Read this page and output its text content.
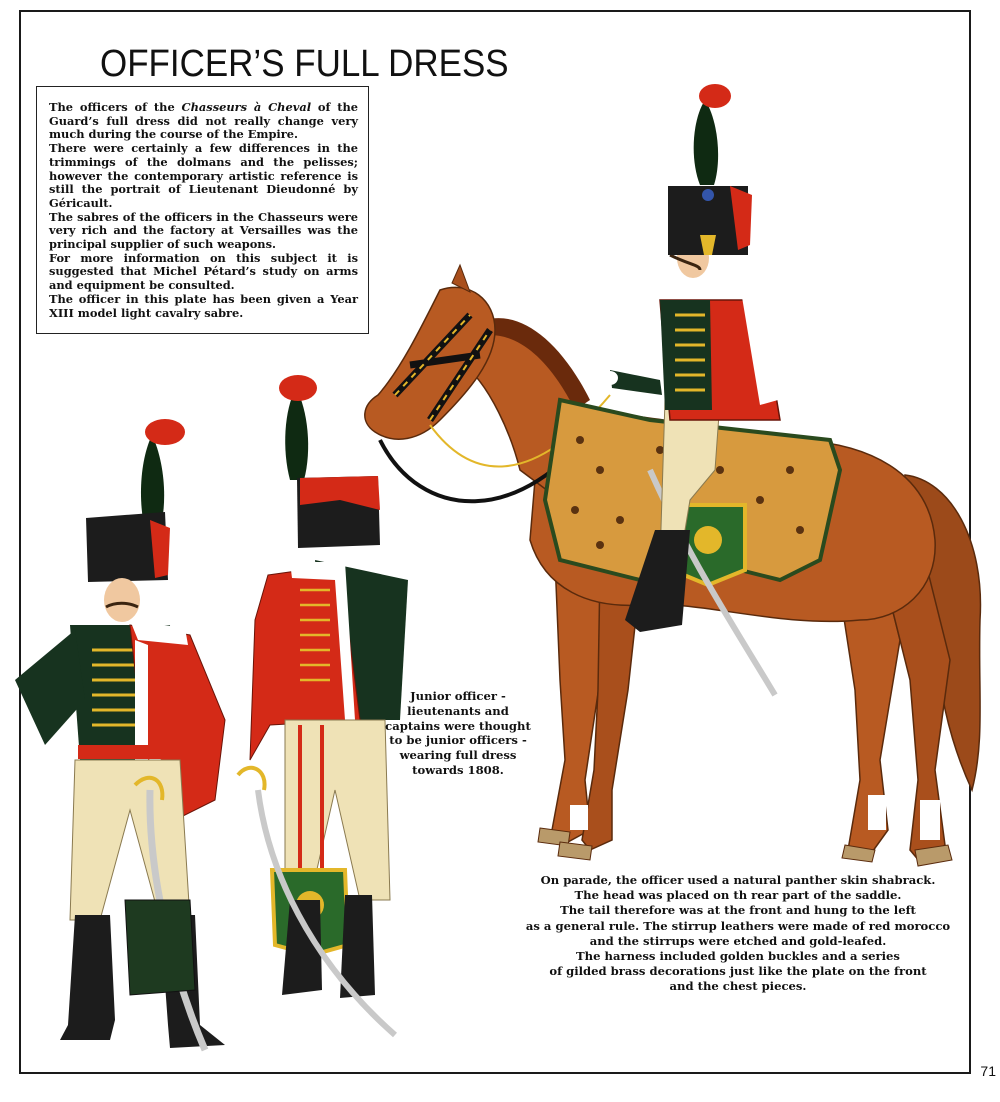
OFFICER’S FULL DRESS

The officers of the Chasseurs à Cheval of the Guard’s full dress did not really change very much during the course of the Empire.

There were certainly a few differences in the trimmings of the dolmans and the pelisses; however the contemporary artistic reference is still the portrait of Lieutenant Dieudonné by Géricault.

The sabres of the officers in the Chasseurs were very rich and the factory at Versailles was the principal supplier of such weapons.

For more information on this subject it is suggested that Michel Pétard’s study on arms and equipment be consulted.

The officer in this plate has been given a Year XIII model light cavalry sabre.

Junior officer - lieutenants and captains were thought to be junior officers - wearing full dress towards 1808.

On parade, the officer used a natural panther skin shabrack.

The head was placed on th rear part of the saddle.

The tail therefore was at the front and hung to the left

as a general rule. The stirrup leathers were made of red morocco

and the stirrups were etched and gold-leafed.

The harness included golden buckles and a series

of gilded brass decorations just like the plate on the front

and the chest pieces.

71
